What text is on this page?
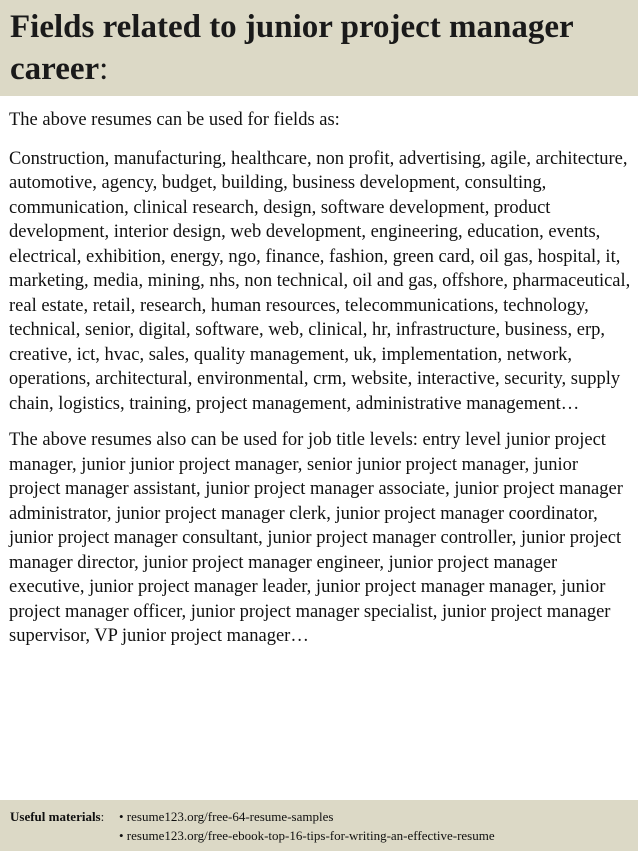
Fields related to junior project manager career:

The above resumes can be used for fields as:

Construction, manufacturing, healthcare, non profit, advertising, agile, architecture, automotive, agency, budget, building, business development, consulting, communication, clinical research, design, software development, product development, interior design, web development, engineering, education, events, electrical, exhibition, energy, ngo, finance, fashion, green card, oil gas, hospital, it, marketing, media, mining, nhs, non technical, oil and gas, offshore, pharmaceutical, real estate, retail, research, human resources, telecommunications, technology, technical, senior, digital, software, web, clinical, hr, infrastructure, business, erp, creative, ict, hvac, sales, quality management, uk, implementation, network, operations, architectural, environmental, crm, website, interactive, security, supply chain, logistics, training, project management, administrative management…

The above resumes also can be used for job title levels: entry level junior project manager, junior junior project manager, senior junior project manager, junior project manager assistant, junior project manager associate, junior project manager administrator, junior project manager clerk, junior project manager coordinator, junior project manager consultant, junior project manager controller, junior project manager director, junior project manager engineer, junior project manager executive, junior project manager leader, junior project manager manager, junior project manager officer, junior project manager specialist, junior project manager supervisor, VP junior project manager…

Useful materials: • resume123.org/free-64-resume-samples
• resume123.org/free-ebook-top-16-tips-for-writing-an-effective-resume
